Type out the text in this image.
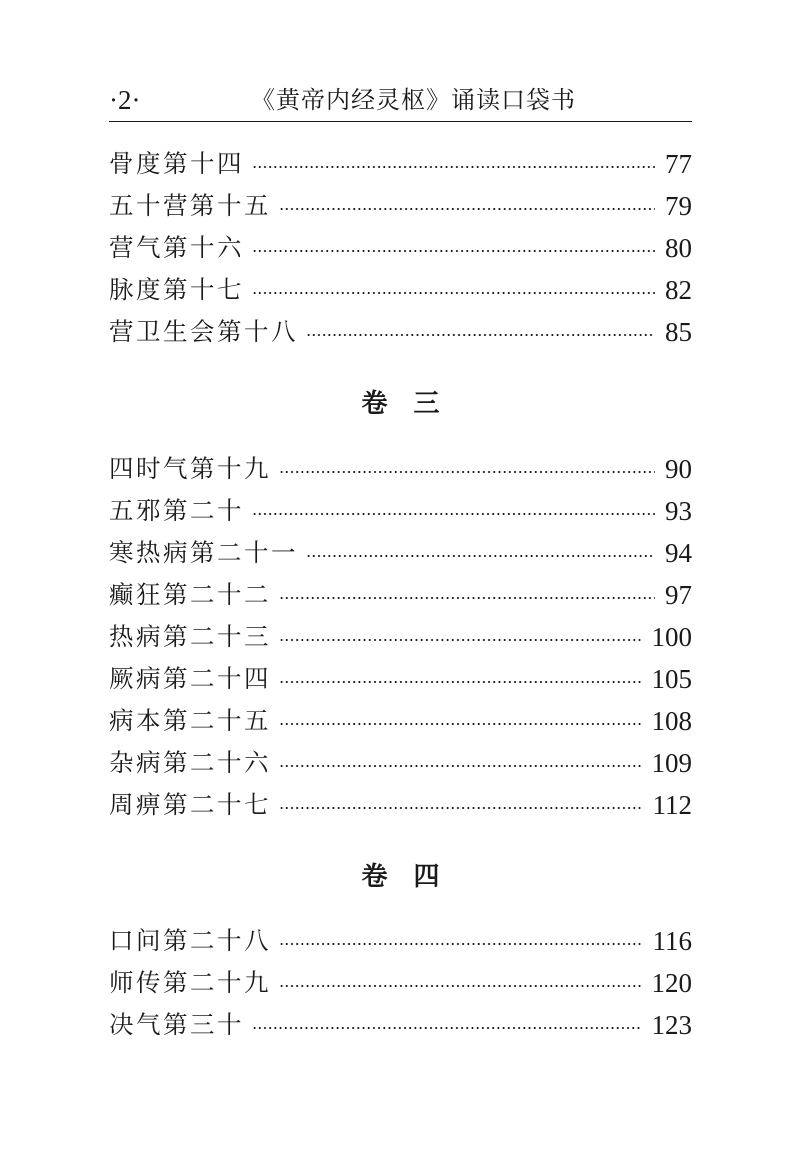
·2·	《黄帝内经灵枢》诵读口袋书
骨度第十四	77
五十营第十五	79
营气第十六	80
脉度第十七	82
营卫生会第十八	85
卷　三
四时气第十九	90
五邪第二十	93
寒热病第二十一	94
癫狂第二十二	97
热病第二十三	100
厥病第二十四	105
病本第二十五	108
杂病第二十六	109
周痹第二十七	112
卷　四
口问第二十八	116
师传第二十九	120
决气第三十	123
